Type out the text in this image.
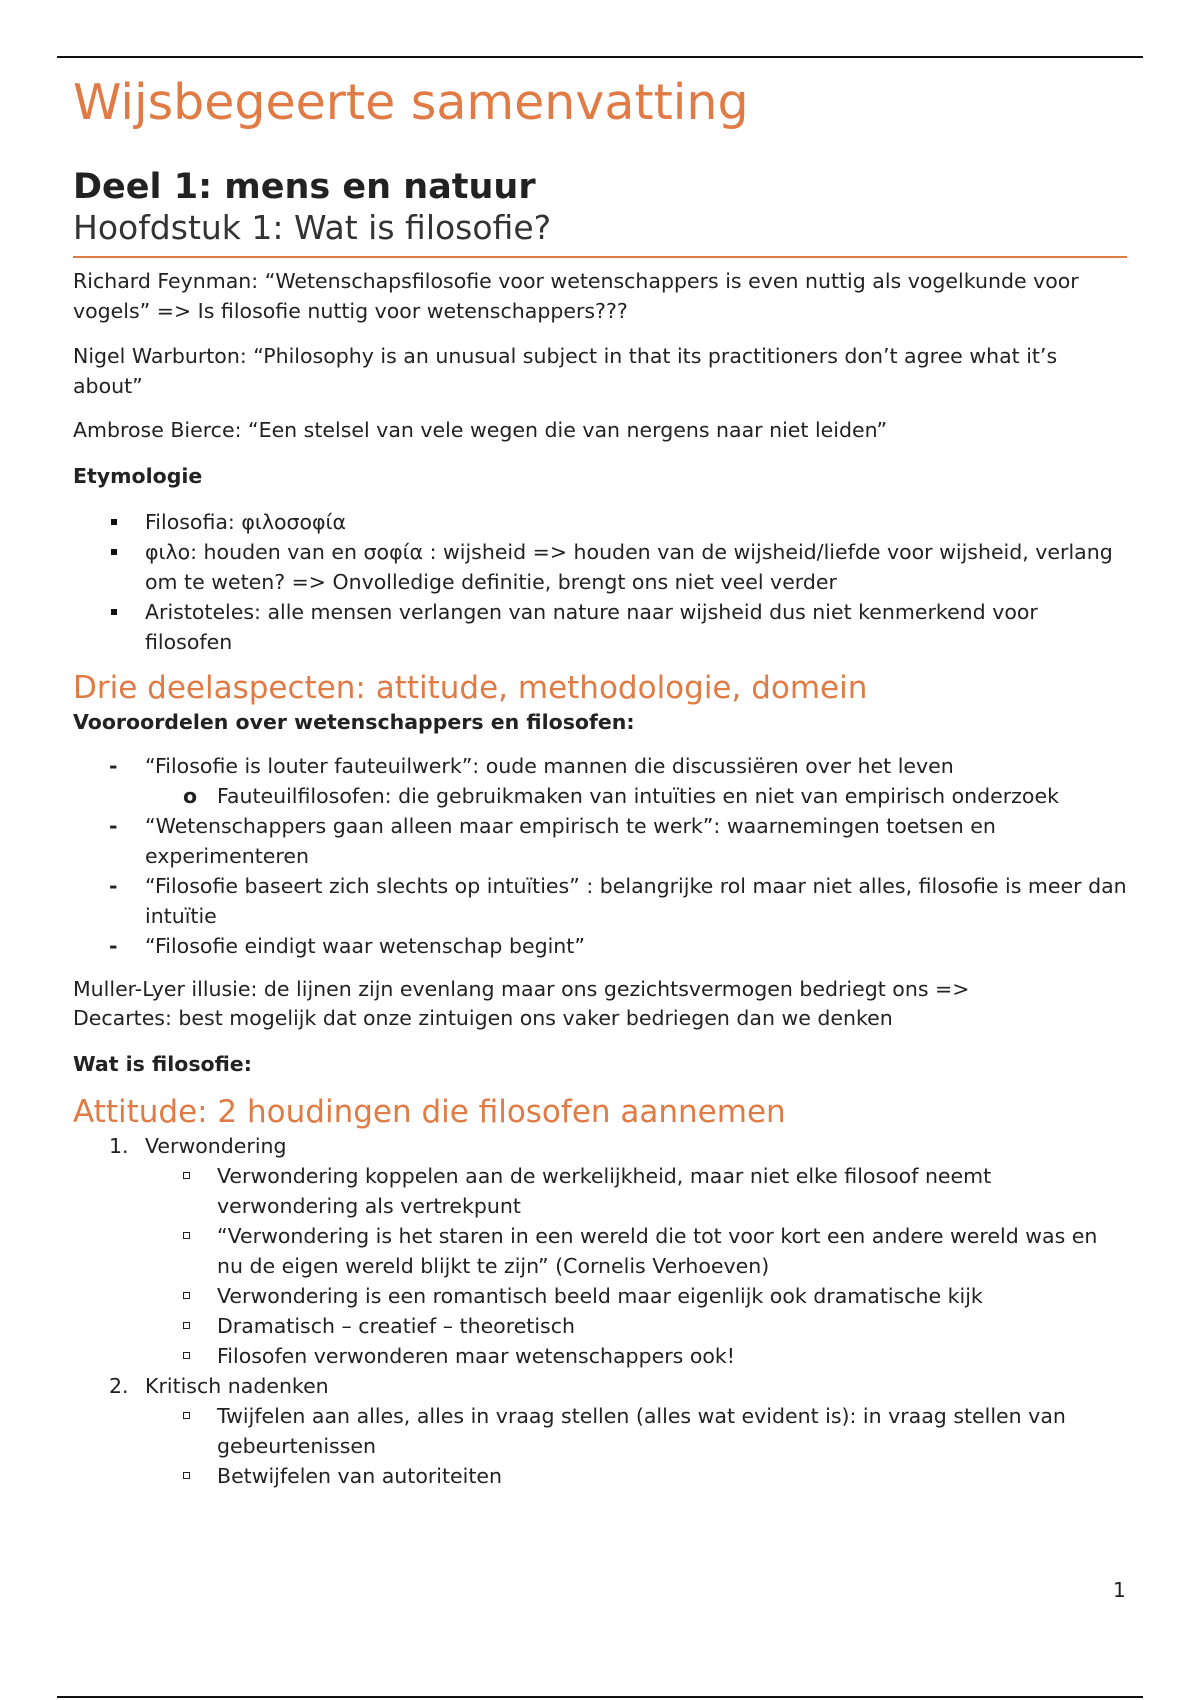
Wijsbegeerte samenvatting
Deel 1: mens en natuur
Hoofdstuk 1: Wat is filosofie?

Richard Feynman: “Wetenschapsfilosofie voor wetenschappers is even nuttig als vogelkunde voor vogels” => Is filosofie nuttig voor wetenschappers???

Nigel Warburton: “Philosophy is an unusual subject in that its practitioners don’t agree what it’s about”

Ambrose Bierce: “Een stelsel van vele wegen die van nergens naar niet leiden”

Etymologie

Filosofia: φιλοσοφία
φιλο: houden van en σοφία : wijsheid => houden van de wijsheid/liefde voor wijsheid, verlang om te weten? => Onvolledige definitie, brengt ons niet veel verder
Aristoteles: alle mensen verlangen van nature naar wijsheid dus niet kenmerkend voor filosofen
Drie deelaspecten: attitude, methodologie, domein

Vooroordelen over wetenschappers en filosofen:

- “Filosofie is louter fauteuilwerk”: oude mannen die discussiëren over het leven
o Fauteuilfilosofen: die gebruikmaken van intuïties en niet van empirisch onderzoek
- “Wetenschappers gaan alleen maar empirisch te werk”: waarnemingen toetsen en experimenteren
- “Filosofie baseert zich slechts op intuïties” : belangrijke rol maar niet alles, filosofie is meer dan intuïtie
- “Filosofie eindigt waar wetenschap begint”

Muller-Lyer illusie: de lijnen zijn evenlang maar ons gezichtsvermogen bedriegt ons =>
Decartes: best mogelijk dat onze zintuigen ons vaker bedriegen dan we denken

Wat is filosofie:

Attitude: 2 houdingen die filosofen aannemen
1. Verwondering
Verwondering koppelen aan de werkelijkheid, maar niet elke filosoof neemt verwondering als vertrekpunt
“Verwondering is het staren in een wereld die tot voor kort een andere wereld was en nu de eigen wereld blijkt te zijn” (Cornelis Verhoeven)
Verwondering is een romantisch beeld maar eigenlijk ook dramatische kijk
Dramatisch – creatief – theoretisch
Filosofen verwonderen maar wetenschappers ook!
2. Kritisch nadenken
Twijfelen aan alles, alles in vraag stellen (alles wat evident is): in vraag stellen van gebeurtenissen
Betwijfelen van autoriteiten
1
